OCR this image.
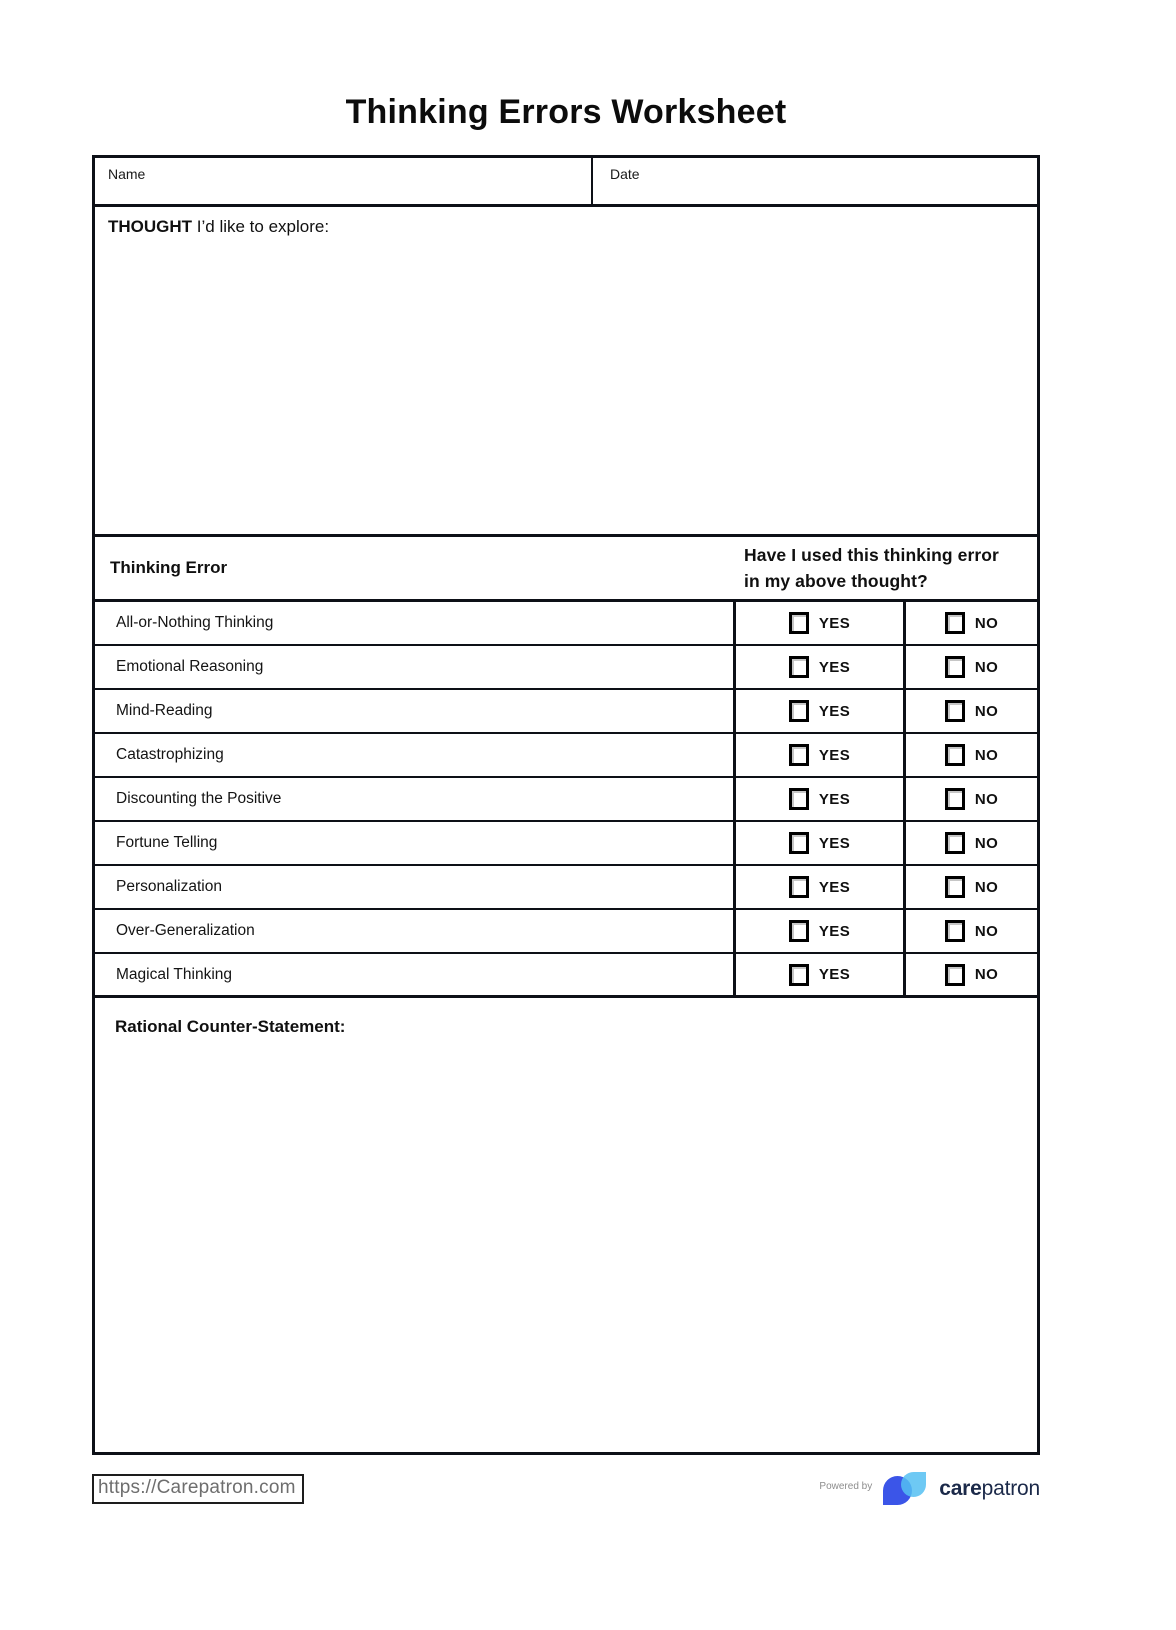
Thinking Errors Worksheet
Name	Date
THOUGHT I’d like to explore:
Thinking Error
Have I used this thinking error
in my above thought?
All-or-Nothing Thinking	YES	NO
Emotional Reasoning	YES	NO
Mind-Reading	YES	NO
Catastrophizing	YES	NO
Discounting the Positive	YES	NO
Fortune Telling	YES	NO
Personalization	YES	NO
Over-Generalization	YES	NO
Magical Thinking	YES	NO
Rational Counter-Statement:
https://Carepatron.com	Powered by	carepatron
